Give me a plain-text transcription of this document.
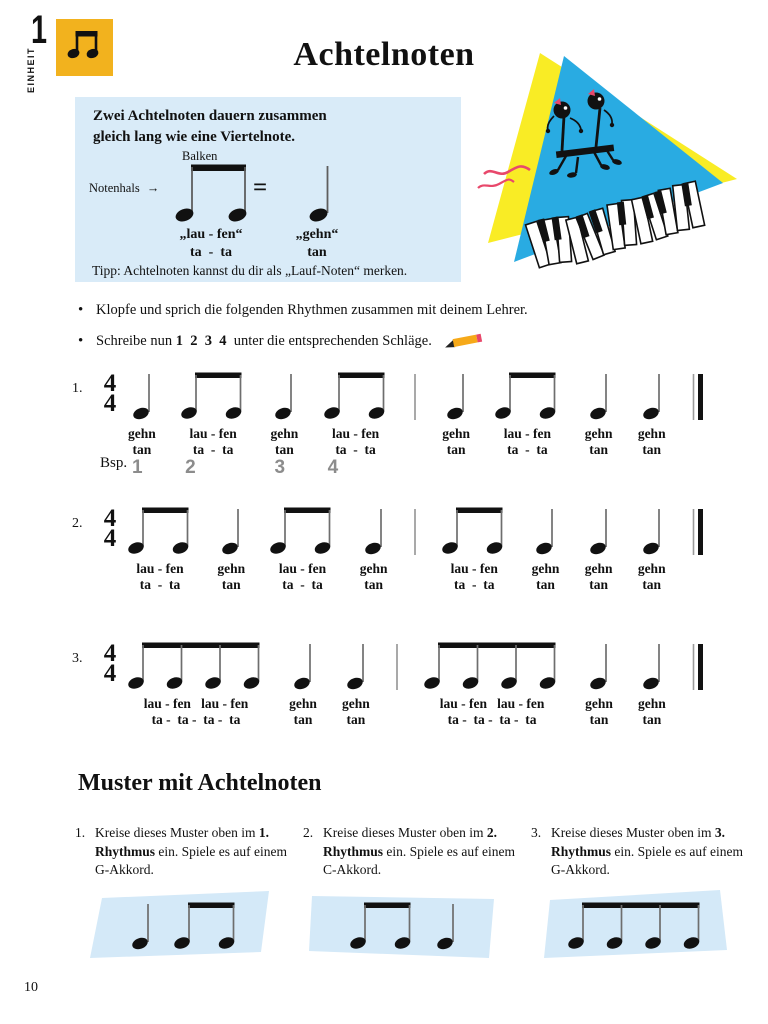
1
EINHEIT	Achtelnoten
Zwei Achtelnoten dauern zusammen
gleich lang wie eine Viertelnote.
Balken
Notenhals →	=
„lau - fen“
ta  -  ta
„gehn“
tan
Tipp: Achtelnoten kannst du dir als „Lauf-Noten“ merken.
• Klopfe und sprich die folgenden Rhythmen zusammen mit deinem Lehrer.
• Schreibe nun 1  2  3  4  unter die entsprechenden Schläge.
1. 4
4
gehn
tan
1
lau - fen
ta  -  ta
2
gehn
tan
3
lau - fen
ta  -  ta
4
gehn
tan
lau - fen
ta  -  ta
gehn
tan
gehn
tan
Bsp.
2. 4
4
lau - fen
ta  -  ta
gehn
tan
lau - fen
ta  -  ta
gehn
tan
lau - fen
ta  -  ta
gehn
tan
gehn
tan
gehn
tan
3. 4
4
lau - fen   lau - fen
ta -  ta -  ta -  ta
gehn
tan
gehn
tan
lau - fen   lau - fen
ta -  ta -  ta -  ta
gehn
tan
gehn
tan
Muster mit Achtelnoten
1. Kreise dieses Muster oben im 1. Rhythmus ein. Spiele es auf einem G-Akkord.
2. Kreise dieses Muster oben im 2. Rhythmus ein. Spiele es auf einem C-Akkord.
3. Kreise dieses Muster oben im 3. Rhythmus ein. Spiele es auf einem G-Akkord.
10
